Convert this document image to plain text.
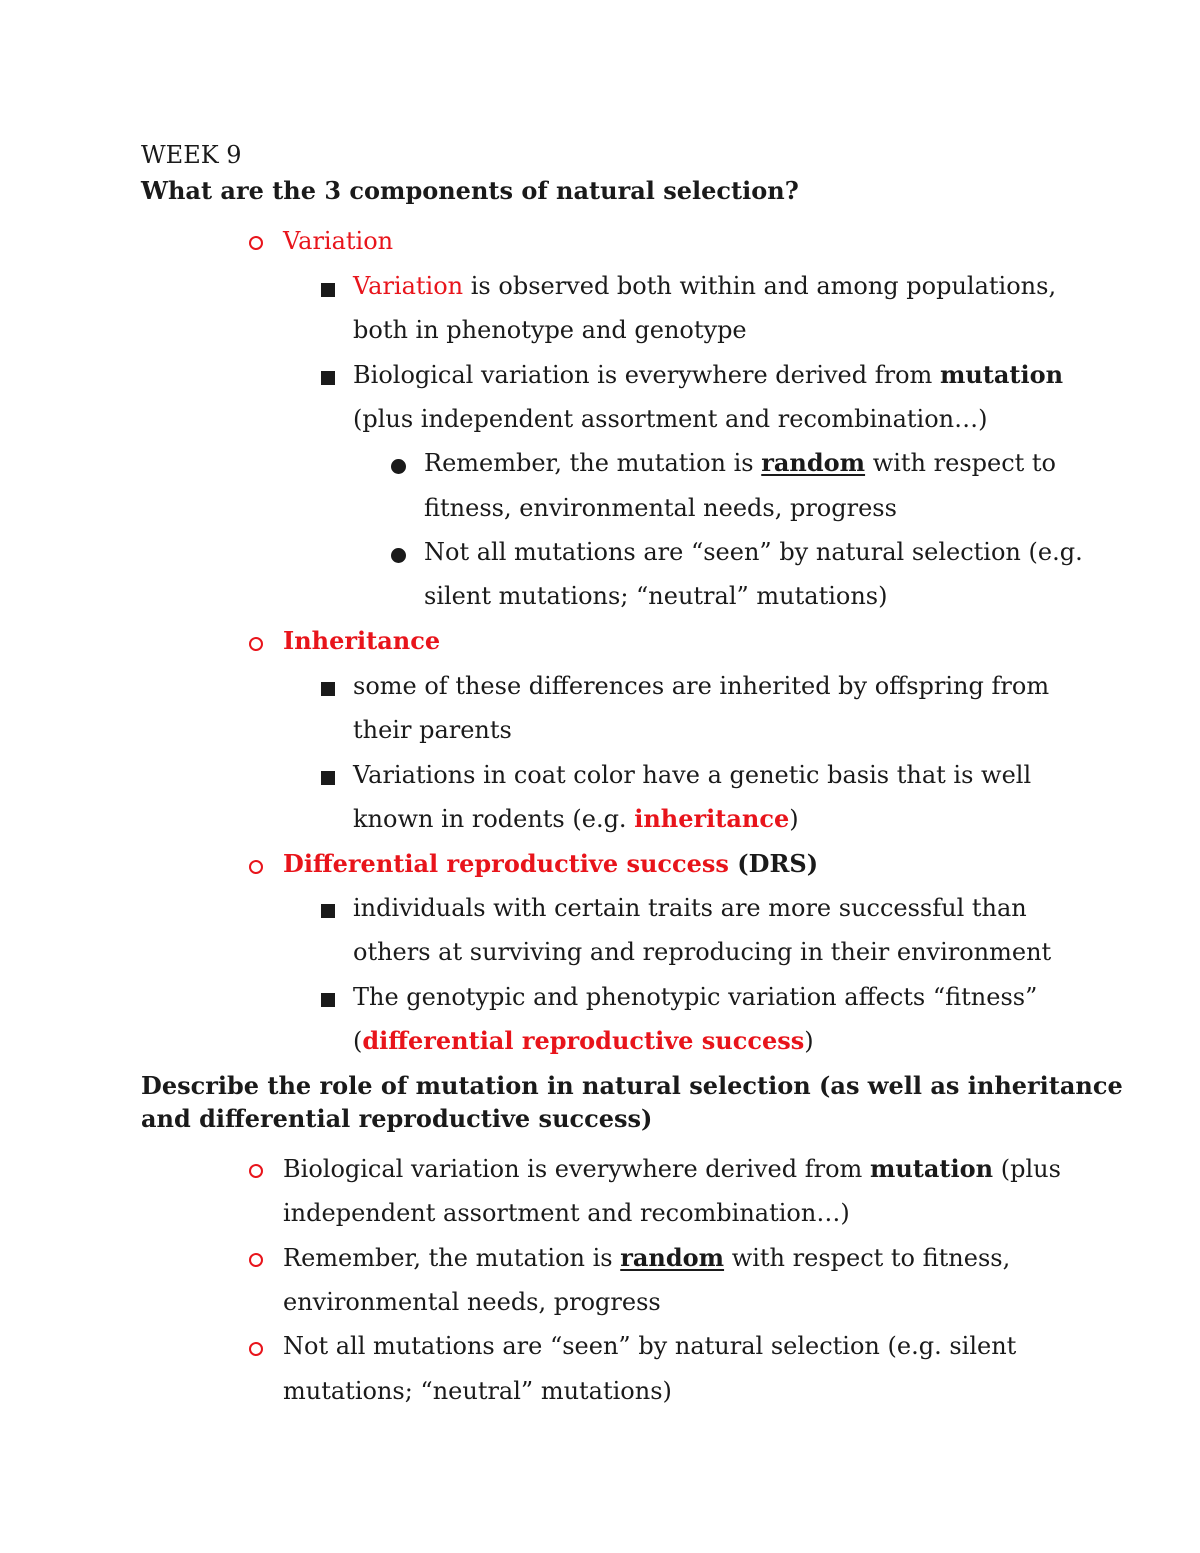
WEEK 9
What are the 3 components of natural selection?
Variation
Variation is observed both within and among populations,
both in phenotype and genotype
Biological variation is everywhere derived from mutation
(plus independent assortment and recombination…)
Remember, the mutation is random with respect to
fitness, environmental needs, progress
Not all mutations are “seen” by natural selection (e.g.
silent mutations; “neutral” mutations)
Inheritance
some of these differences are inherited by offspring from
their parents
Variations in coat color have a genetic basis that is well
known in rodents (e.g. inheritance)
Differential reproductive success (DRS)
individuals with certain traits are more successful than
others at surviving and reproducing in their environment
The genotypic and phenotypic variation affects “fitness”
(differential reproductive success)
Describe the role of mutation in natural selection (as well as inheritance
and differential reproductive success)
Biological variation is everywhere derived from mutation (plus
independent assortment and recombination…)
Remember, the mutation is random with respect to fitness,
environmental needs, progress
Not all mutations are “seen” by natural selection (e.g. silent
mutations; “neutral” mutations)
